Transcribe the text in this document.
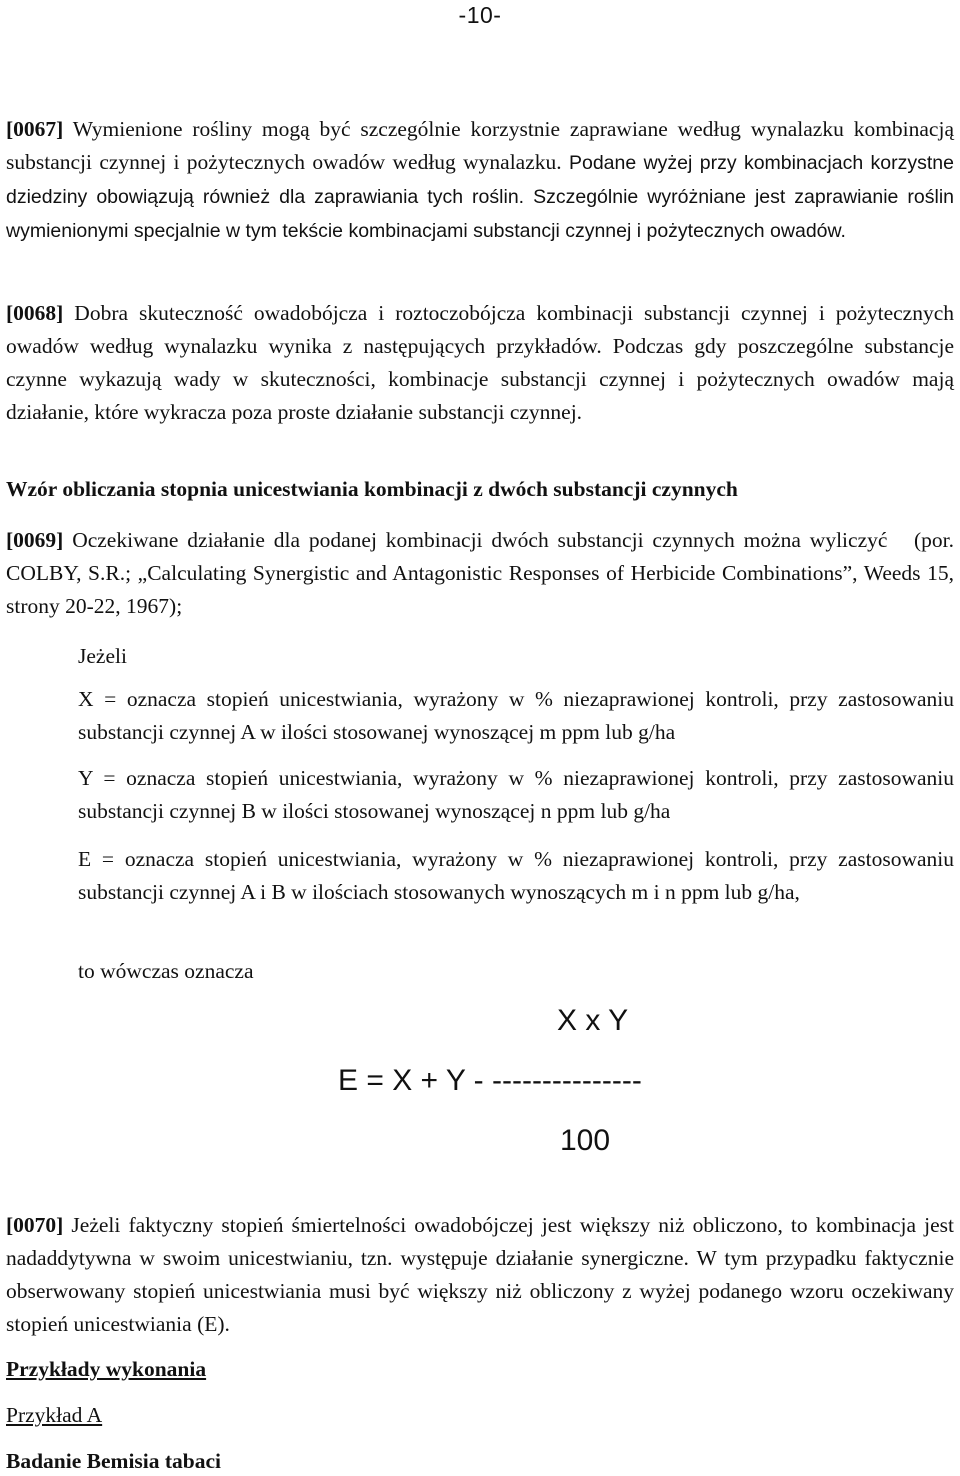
-10-

[0067] Wymienione rośliny mogą być szczególnie korzystnie zaprawiane według wynalazku kombinacją substancji czynnej i pożytecznych owadów według wynalazku. Podane wyżej przy kombinacjach korzystne dziedziny obowiązują również dla zaprawiania tych roślin. Szczególnie wyróżniane jest zaprawianie roślin wymienionymi specjalnie w tym tekście kombinacjami substancji czynnej i pożytecznych owadów.

[0068] Dobra skuteczność owadobójcza i roztoczobójcza kombinacji substancji czynnej i pożytecznych owadów według wynalazku wynika z następujących przykładów. Podczas gdy poszczególne substancje czynne wykazują wady w skuteczności, kombinacje substancji czynnej i pożytecznych owadów mają działanie, które wykracza poza proste działanie substancji czynnej.

Wzór obliczania stopnia unicestwiania kombinacji z dwóch substancji czynnych

[0069] Oczekiwane działanie dla podanej kombinacji dwóch substancji czynnych można wyliczyć   (por. COLBY, S.R.; „Calculating Synergistic and Antagonistic Responses of Herbicide Combinations”, Weeds 15, strony 20-22, 1967);

Jeżeli

X = oznacza stopień unicestwiania, wyrażony w % niezaprawionej kontroli, przy zastosowaniu substancji czynnej A w ilości stosowanej wynoszącej m ppm lub g/ha

Y = oznacza stopień unicestwiania, wyrażony w % niezaprawionej kontroli, przy zastosowaniu substancji czynnej B w ilości stosowanej wynoszącej n ppm lub g/ha

E = oznacza stopień unicestwiania, wyrażony w % niezaprawionej kontroli, przy zastosowaniu substancji czynnej A i B w ilościach stosowanych wynoszących m i n ppm lub g/ha,

to wówczas oznacza

X x Y

E = X + Y - ---------------

100

[0070] Jeżeli faktyczny stopień śmiertelności owadobójczej jest większy niż obliczono, to kombinacja jest nadaddytywna w swoim unicestwianiu, tzn. występuje działanie synergiczne. W tym przypadku faktycznie obserwowany stopień unicestwiania musi być większy niż obliczony z wyżej podanego wzoru oczekiwany stopień unicestwiania (E).

Przykłady wykonania

Przykład A

Badanie Bemisia tabaci
